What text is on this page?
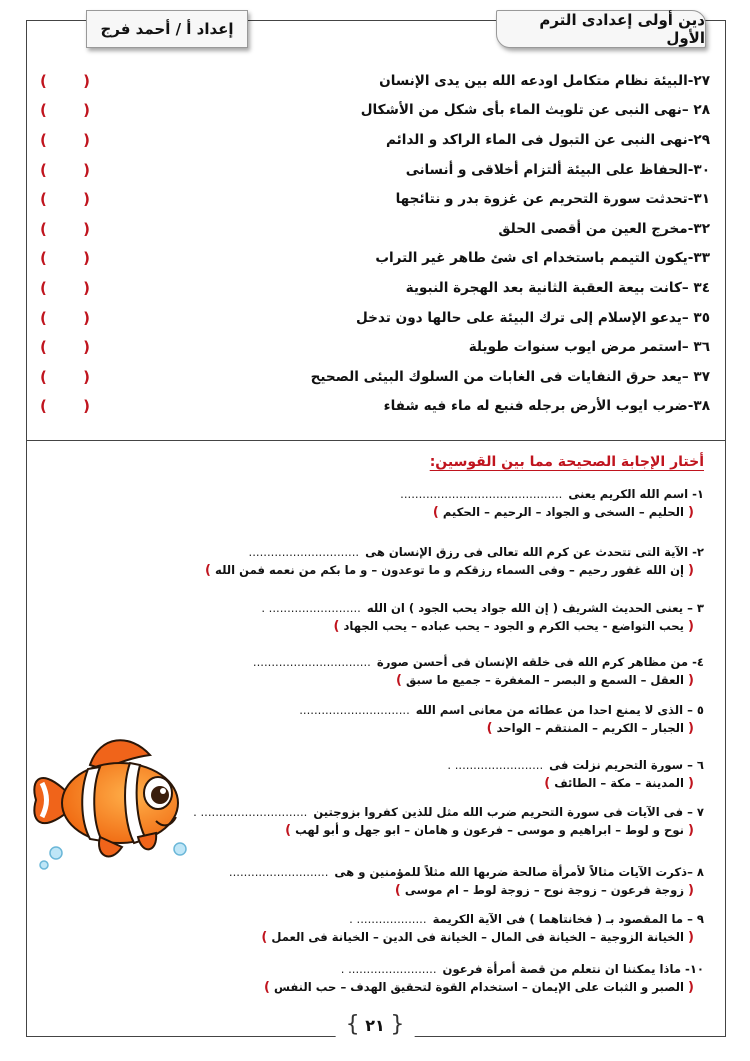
دين أولى إعدادى الترم الأول
إعداد أ / أحمد فرج
٢٧-البيئة نظام متكامل اودعه الله بين يدى الإنسان
(
)
٢٨ –نهى النبى عن تلويث الماء بأى شكل من الأشكال
(
)
٢٩-نهى النبى عن التبول فى الماء الراكد و الدائم
(
)
٣٠-الحفاظ على البيئة ألتزام أخلاقى و أنسانى
(
)
٣١-تحدثت سورة التحريم عن غزوة بدر و نتائجها
(
)
٣٢-مخرج العين من أقصى الحلق
(
)
٣٣-يكون التيمم باستخدام اى شئ طاهر غير التراب
(
)
٣٤ –كانت بيعة العقبة الثانية بعد الهجرة النبوية
(
)
٣٥ –يدعو الإسلام إلى ترك البيئة على حالها دون تدخل
(
)
٣٦ –استمر مرض ايوب سنوات طويلة
(
)
٣٧ –يعد حرق النفايات فى الغابات من السلوك البيئى الصحيح
(
)
٣٨-ضرب ايوب الأرض برجله فنبع له ماء فيه شفاء
(
)
أختار الإجابة الصحيحة مما بين القوسين:
١- اسم الله الكريم يعنى............................................
( الحليم – السخى و الجواد – الرحيم – الحكيم )
٢- الآية التى تتحدث عن كرم الله تعالى فى رزق الإنسان هى..............................
( إن الله غفور رحيم – وفى السماء رزقكم و ما توعدون – و ما بكم من نعمه فمن الله )
٣ – يعنى الحديث الشريف ( إن الله جواد يحب الجود ) ان الله......................... .
( يحب التواضع - يحب الكرم و الجود – يحب عباده – يحب الجهاد )
٤- من مظاهر كرم الله فى خلقه الإنسان فى أحسن صورة................................
( العقل – السمع و البصر – المغفرة – جميع ما سبق )
٥ – الذى لا يمنع احدا من عطائه من معانى اسم الله..............................
( الجبار – الكريم – المنتقم – الواحد )
٦ – سورة التحريم نزلت فى........................ .
( المدينة – مكة – الطائف )
٧ – فى الآيات فى سورة التحريم ضرب الله مثل للذين كفروا بزوجتين............................. .
( نوح و لوط – ابراهيم و موسى – فرعون و هامان – ابو جهل و أبو لهب )
٨ –ذكرت الآيات مثالاً لأمرأة صالحة ضربها الله مثلاً للمؤمنين و هى...........................
( زوجة فرعون – زوجة نوح – زوجة لوط – ام موسى )
٩ – ما المقصود بـ ( فخانتاهما ) فى الآية الكريمة................... .
( الخيانة الزوجية – الخيانة فى المال – الخيانة فى الدين – الخيانة فى العمل )
١٠- ماذا يمكننا ان نتعلم من قصة أمرأة فرعون........................ .
( الصبر و الثبات على الإيمان – استخدام القوة لتحقيق الهدف – حب النفس )
{ ٢١ }
